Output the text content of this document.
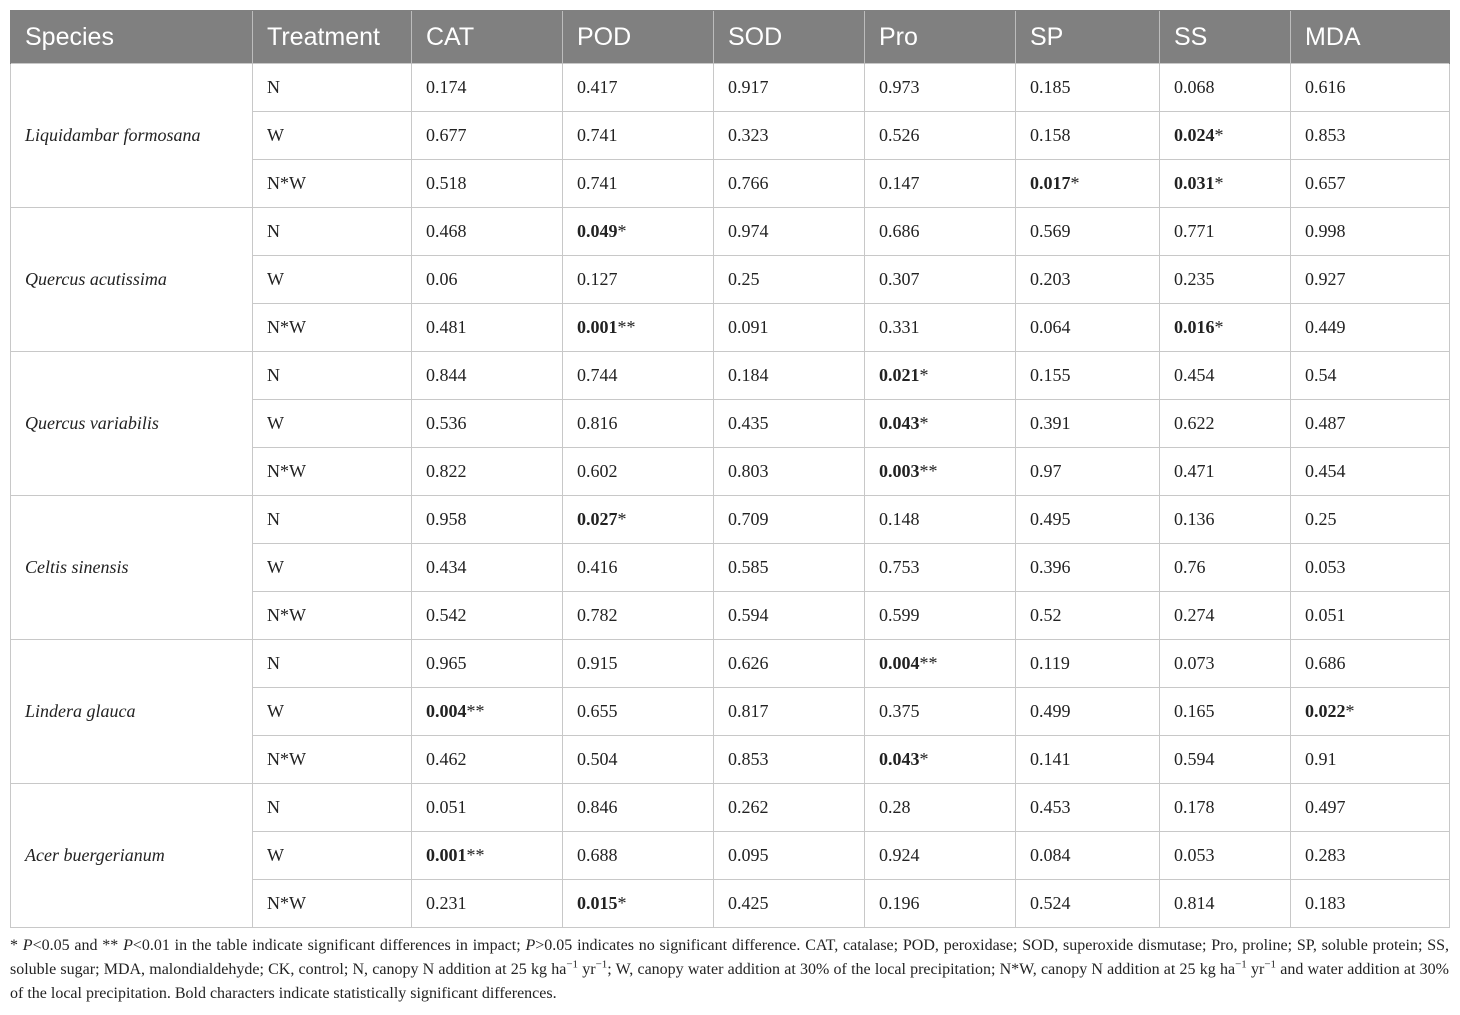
Species	Treatment	CAT	POD	SOD	Pro	SP	SS	MDA
Liquidambar formosana	N	0.174	0.417	0.917	0.973	0.185	0.068	0.616
	W	0.677	0.741	0.323	0.526	0.158	0.024*	0.853
	N*W	0.518	0.741	0.766	0.147	0.017*	0.031*	0.657
Quercus acutissima	N	0.468	0.049*	0.974	0.686	0.569	0.771	0.998
	W	0.06	0.127	0.25	0.307	0.203	0.235	0.927
	N*W	0.481	0.001**	0.091	0.331	0.064	0.016*	0.449
Quercus variabilis	N	0.844	0.744	0.184	0.021*	0.155	0.454	0.54
	W	0.536	0.816	0.435	0.043*	0.391	0.622	0.487
	N*W	0.822	0.602	0.803	0.003**	0.97	0.471	0.454
Celtis sinensis	N	0.958	0.027*	0.709	0.148	0.495	0.136	0.25
	W	0.434	0.416	0.585	0.753	0.396	0.76	0.053
	N*W	0.542	0.782	0.594	0.599	0.52	0.274	0.051
Lindera glauca	N	0.965	0.915	0.626	0.004**	0.119	0.073	0.686
	W	0.004**	0.655	0.817	0.375	0.499	0.165	0.022*
	N*W	0.462	0.504	0.853	0.043*	0.141	0.594	0.91
Acer buergerianum	N	0.051	0.846	0.262	0.28	0.453	0.178	0.497
	W	0.001**	0.688	0.095	0.924	0.084	0.053	0.283
	N*W	0.231	0.015*	0.425	0.196	0.524	0.814	0.183
* P<0.05 and ** P<0.01 in the table indicate significant differences in impact; P>0.05 indicates no significant difference. CAT, catalase; POD, peroxidase; SOD, superoxide dismutase; Pro, proline; SP, soluble protein; SS, soluble sugar; MDA, malondialdehyde; CK, control; N, canopy N addition at 25 kg $ha^{-1}$ $yr^{-1}$; W, canopy water addition at 30% of the local precipitation; N*W, canopy N addition at 25 kg $ha^{-1}$ $yr^{-1}$ and water addition at 30% of the local precipitation. Bold characters indicate statistically significant differences.
